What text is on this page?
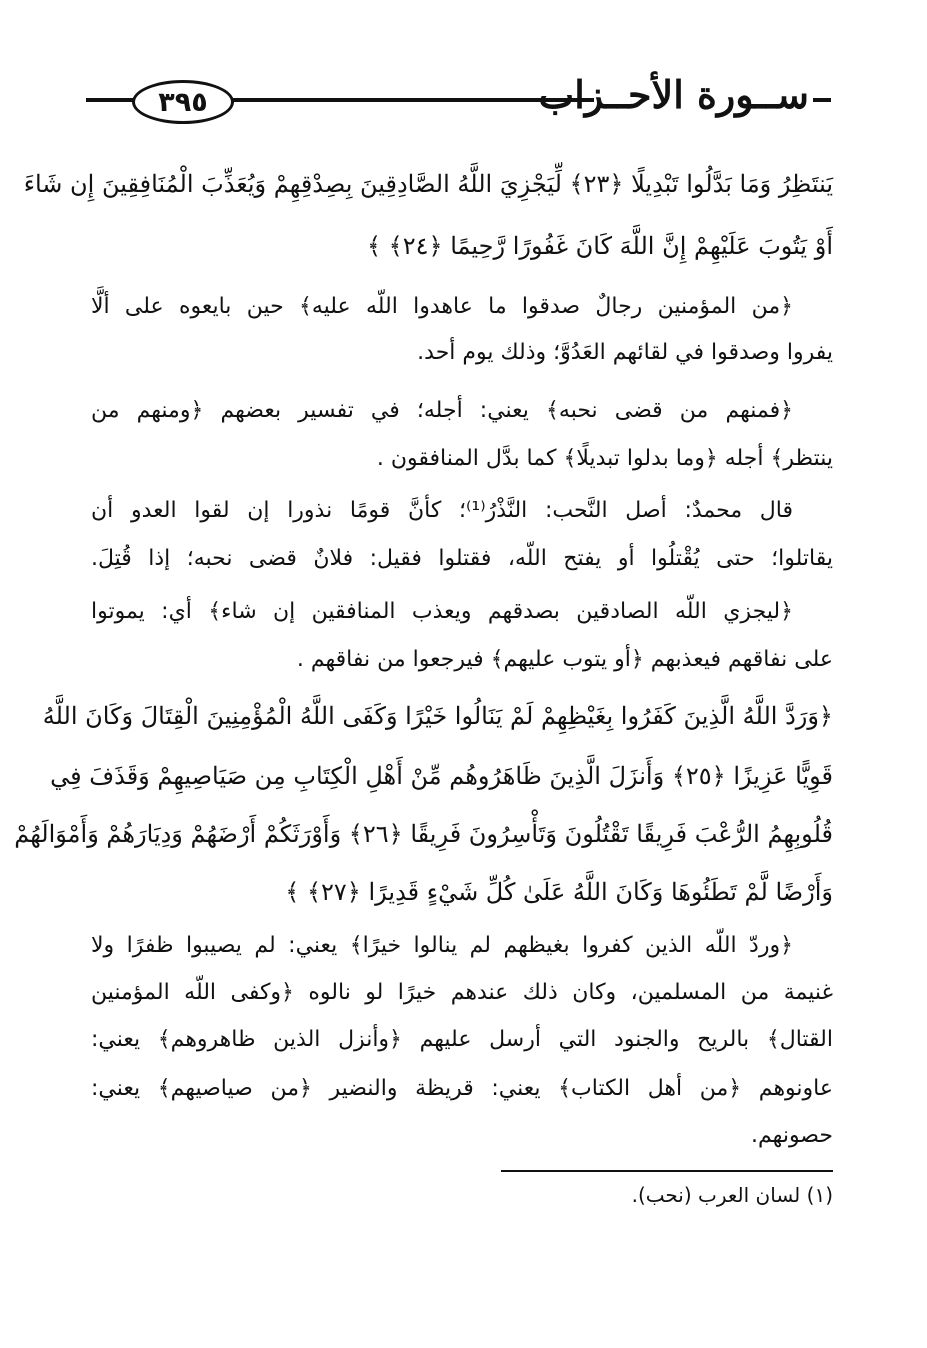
٣٩٥	ســورة الأحــزاب
يَنتَظِرُ وَمَا بَدَّلُوا تَبْدِيلًا ﴿٢٣﴾ لِّيَجْزِيَ اللَّهُ الصَّادِقِينَ بِصِدْقِهِمْ وَيُعَذِّبَ الْمُنَافِقِينَ إِن شَاءَ
أَوْ يَتُوبَ عَلَيْهِمْ إِنَّ اللَّهَ كَانَ غَفُورًا رَّحِيمًا ﴿٢٤﴾ ﴾
﴿من المؤمنين رجالٌ صدقوا ما عاهدوا اللّه عليه﴾ حين بايعوه على ألَّا
يفروا وصدقوا في لقائهم العَدُوَّ؛ وذلك يوم أحد.
﴿فمنهم من قضى نحبه﴾ يعني: أجله؛ في تفسير بعضهم ﴿ومنهم من
ينتظر﴾ أجله ﴿وما بدلوا تبديلًا﴾ كما بدَّل المنافقون .
قال محمدٌ: أصل النَّحب: النَّذْرُ⁽¹⁾؛ كأنَّ قومًا نذورا إن لقوا العدو أن
يقاتلوا؛ حتى يُقْتلُوا أو يفتح اللّه، فقتلوا فقيل: فلانٌ قضى نحبه؛ إذا قُتِلَ.
﴿ليجزي اللّه الصادقين بصدقهم ويعذب المنافقين إن شاء﴾ أي: يموتوا
على نفاقهم فيعذبهم ﴿أو يتوب عليهم﴾ فيرجعوا من نفاقهم .
﴿وَرَدَّ اللَّهُ الَّذِينَ كَفَرُوا بِغَيْظِهِمْ لَمْ يَنَالُوا خَيْرًا وَكَفَى اللَّهُ الْمُؤْمِنِينَ الْقِتَالَ وَكَانَ اللَّهُ
قَوِيًّا عَزِيزًا ﴿٢٥﴾ وَأَنزَلَ الَّذِينَ ظَاهَرُوهُم مِّنْ أَهْلِ الْكِتَابِ مِن صَيَاصِيهِمْ وَقَذَفَ فِي
قُلُوبِهِمُ الرُّعْبَ فَرِيقًا تَقْتُلُونَ وَتَأْسِرُونَ فَرِيقًا ﴿٢٦﴾ وَأَوْرَثَكُمْ أَرْضَهُمْ وَدِيَارَهُمْ وَأَمْوَالَهُمْ
وَأَرْضًا لَّمْ تَطَئُوهَا وَكَانَ اللَّهُ عَلَىٰ كُلِّ شَيْءٍ قَدِيرًا ﴿٢٧﴾ ﴾
﴿وردّ اللّه الذين كفروا بغيظهم لم ينالوا خيرًا﴾ يعني: لم يصيبوا ظفرًا ولا
غنيمة من المسلمين، وكان ذلك عندهم خيرًا لو نالوه ﴿وكفى اللّه المؤمنين
القتال﴾ بالريح والجنود التي أرسل عليهم ﴿وأنزل الذين ظاهروهم﴾ يعني:
عاونوهم ﴿من أهل الكتاب﴾ يعني: قريظة والنضير ﴿من صياصيهم﴾ يعني:
حصونهم.
(١) لسان العرب (نحب).
